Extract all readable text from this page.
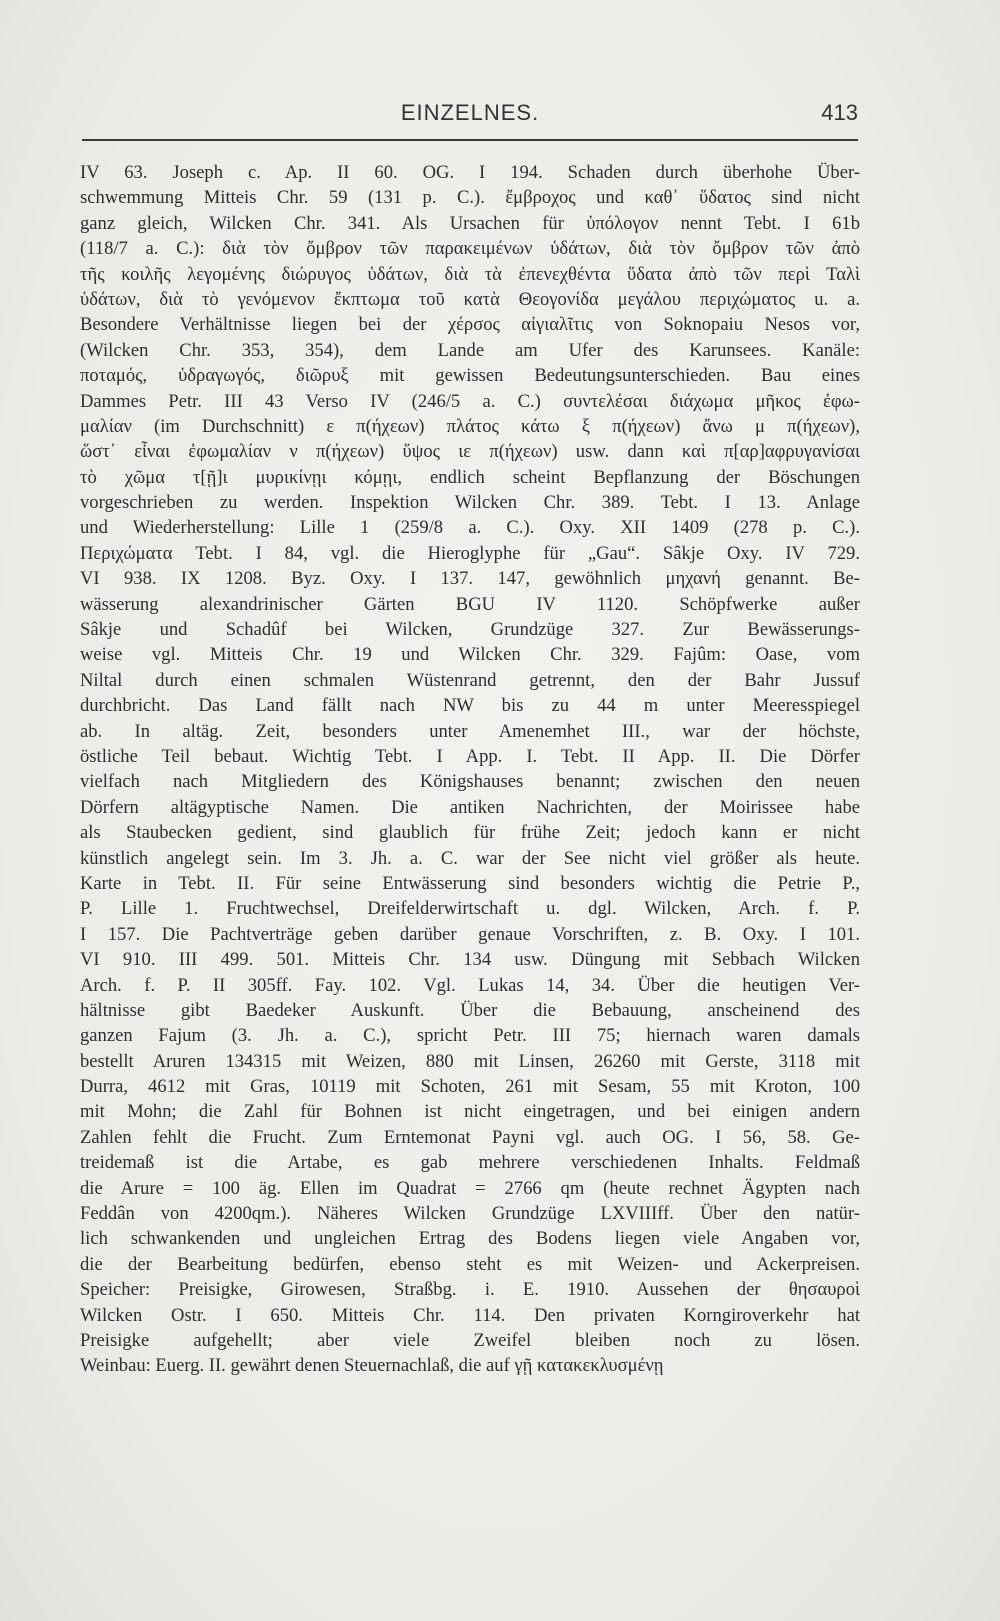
EINZELNES.	413
IV 63. Joseph c. Ap. II 60. OG. I 194. Schaden durch überhohe Über-
schwemmung Mitteis Chr. 59 (131 p. C.). ἔμβροχος und καθ᾽ ὕδατος sind nicht
ganz gleich, Wilcken Chr. 341. Als Ursachen für ὑπόλογον nennt Tebt. I 61b
(118/7 a. C.): διὰ τὸν ὄμβρον τῶν παρακειμένων ὑδάτων, διὰ τὸν ὄμβρον τῶν ἀπὸ
τῆς κοιλῆς λεγομένης διώρυγος ὑδάτων, διὰ τὰ ἐπενεχθέντα ὕδατα ἀπὸ τῶν περὶ Ταλὶ
ὑδάτων, διὰ τὸ γενόμενον ἔκπτωμα τοῦ κατὰ Θεογονίδα μεγάλου περιχώματος u. a.
Besondere Verhältnisse liegen bei der χέρσος αἰγιαλῖτις von Soknopaiu Nesos vor,
(Wilcken Chr. 353, 354), dem Lande am Ufer des Karunsees. Kanäle:
ποταμός, ὑδραγωγός, διῶρυξ mit gewissen Bedeutungsunterschieden. Bau eines
Dammes Petr. III 43 Verso IV (246/5 a. C.) συντελέσαι διάχωμα μῆκος ἐφω-
μαλίαν (im Durchschnitt) ε π(ήχεων) πλάτος κάτω ξ π(ήχεων) ἄνω μ π(ήχεων),
ὥστ᾽ εἶναι ἐφωμαλίαν ν π(ήχεων) ὕψος ιε π(ήχεων) usw. dann καὶ π[αρ]αφρυγανίσαι
τὸ χῶμα τ[ῇ]ι μυρικίνῃι κόμῃι, endlich scheint Bepflanzung der Böschungen
vorgeschrieben zu werden. Inspektion Wilcken Chr. 389. Tebt. I 13. Anlage
und Wiederherstellung: Lille 1 (259/8 a. C.). Oxy. XII 1409 (278 p. C.).
Περιχώματα Tebt. I 84, vgl. die Hieroglyphe für „Gau“. Sâkje Oxy. IV 729.
VI 938. IX 1208. Byz. Oxy. I 137. 147, gewöhnlich μηχανή genannt. Be-
wässerung alexandrinischer Gärten BGU IV 1120. Schöpfwerke außer
Sâkje und Schadûf bei Wilcken, Grundzüge 327. Zur Bewässerungs-
weise vgl. Mitteis Chr. 19 und Wilcken Chr. 329. Fajûm: Oase, vom
Niltal durch einen schmalen Wüstenrand getrennt, den der Bahr Jussuf
durchbricht. Das Land fällt nach NW bis zu 44 m unter Meeresspiegel
ab. In altäg. Zeit, besonders unter Amenemhet III., war der höchste,
östliche Teil bebaut. Wichtig Tebt. I App. I. Tebt. II App. II. Die Dörfer
vielfach nach Mitgliedern des Königshauses benannt; zwischen den neuen
Dörfern altägyptische Namen. Die antiken Nachrichten, der Moirissee habe
als Staubecken gedient, sind glaublich für frühe Zeit; jedoch kann er nicht
künstlich angelegt sein. Im 3. Jh. a. C. war der See nicht viel größer als heute.
Karte in Tebt. II. Für seine Entwässerung sind besonders wichtig die Petrie P.,
P. Lille 1. Fruchtwechsel, Dreifelderwirtschaft u. dgl. Wilcken, Arch. f. P.
I 157. Die Pachtverträge geben darüber genaue Vorschriften, z. B. Oxy. I 101.
VI 910. III 499. 501. Mitteis Chr. 134 usw. Düngung mit Sebbach Wilcken
Arch. f. P. II 305ff. Fay. 102. Vgl. Lukas 14, 34. Über die heutigen Ver-
hältnisse gibt Baedeker Auskunft. Über die Bebauung, anscheinend des
ganzen Fajum (3. Jh. a. C.), spricht Petr. III 75; hiernach waren damals
bestellt Aruren 134315 mit Weizen, 880 mit Linsen, 26260 mit Gerste, 3118 mit
Durra, 4612 mit Gras, 10119 mit Schoten, 261 mit Sesam, 55 mit Kroton, 100
mit Mohn; die Zahl für Bohnen ist nicht eingetragen, und bei einigen andern
Zahlen fehlt die Frucht. Zum Erntemonat Payni vgl. auch OG. I 56, 58. Ge-
treidemaß ist die Artabe, es gab mehrere verschiedenen Inhalts. Feldmaß
die Arure = 100 äg. Ellen im Quadrat = 2766 qm (heute rechnet Ägypten nach
Feddân von 4200qm.). Näheres Wilcken Grundzüge LXVIIIff. Über den natür-
lich schwankenden und ungleichen Ertrag des Bodens liegen viele Angaben vor,
die der Bearbeitung bedürfen, ebenso steht es mit Weizen- und Ackerpreisen.
Speicher: Preisigke, Girowesen, Straßbg. i. E. 1910. Aussehen der θησαυροὶ
Wilcken Ostr. I 650. Mitteis Chr. 114. Den privaten Korngiroverkehr hat
Preisigke aufgehellt; aber viele Zweifel bleiben noch zu lösen.
Weinbau: Euerg. II. gewährt denen Steuernachlaß, die auf γῇ κατακεκλυσμένῃ
